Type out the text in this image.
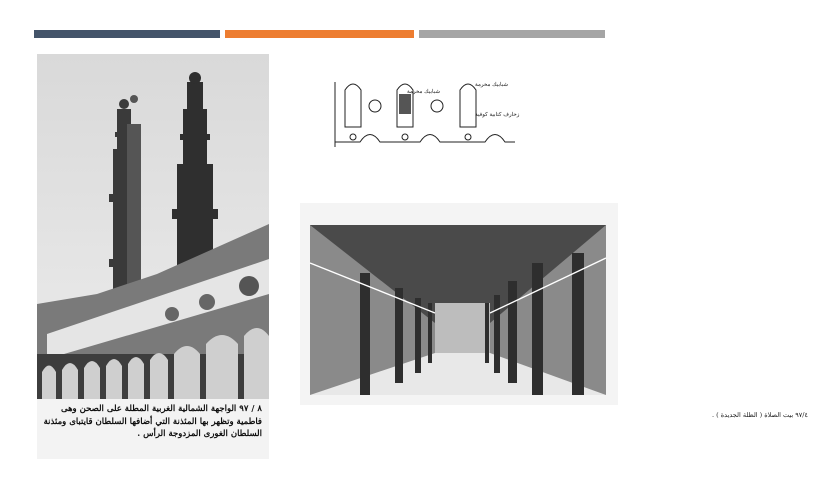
٨ / ٩٧ الواجهة الشمالية الغربية المطلة على الصحن وهى فاطمية وتظهر بها المئذنة التي أضافها السلطان قايتباى ومئذنة السلطان الغورى المزدوجة الرأس .
شبابيك مخرمة
زخارف كتابية كوفية
شبابيك مخرمة
٩٧/٤ بيت الصلاة ( الظلة الجديدة ) .
